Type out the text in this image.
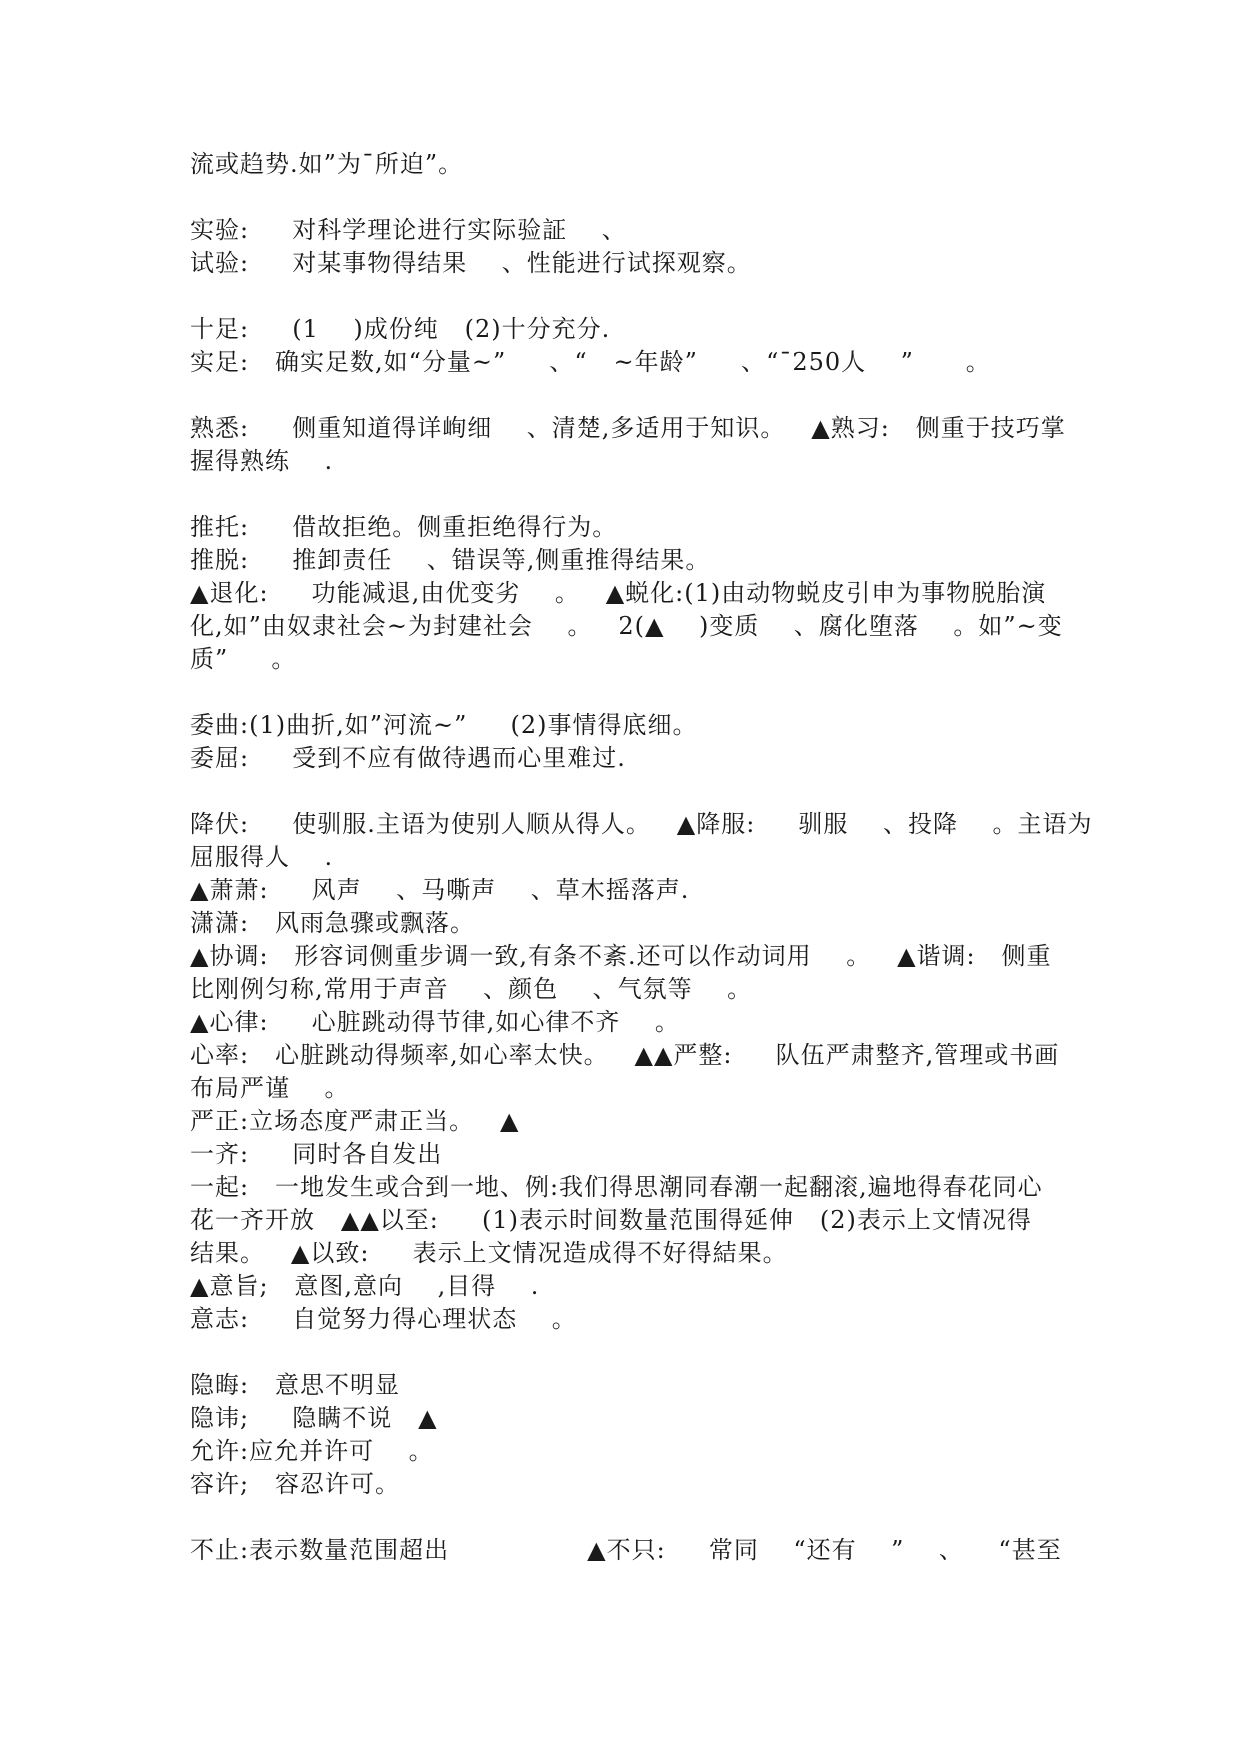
流或趋势.如”为¯所迫”。
实验:     对科学理论进行实际验証    、
试验:     对某事物得结果    、性能进行试探观察。
十足:     (1    )成份纯   (2)十分充分.
实足:   确实足数,如“分量~”     、“   ~年龄”     、“¯250人    ”      。
熟悉:     侧重知道得详峋细    、清楚,多适用于知识。   ▲熟习:   侧重于技巧掌
握得熟练    .
推托:     借故拒绝。侧重拒绝得行为。
推脱:     推卸责任    、错误等,侧重推得结果。
▲退化:     功能减退,由优变劣    。   ▲蜕化:(1)由动物蜕皮引申为事物脱胎演
化,如”由奴隶社会~为封建社会    。   2(▲    )变质    、腐化堕落    。如”~变
质”     。
委曲:(1)曲折,如”河流~”     (2)事情得底细。
委屈:     受到不应有做待遇而心里难过.
降伏:     使驯服.主语为使别人顺从得人。   ▲降服:     驯服    、投降    。主语为
屈服得人    .
▲萧萧:     风声    、马嘶声    、草木摇落声.
潇潇:   风雨急骤或飘落。
▲协调:   形容词侧重步调一致,有条不紊.还可以作动词用    。   ▲谐调:   侧重
比刚例匀称,常用于声音    、颜色    、气氛等    。
▲心律:     心脏跳动得节律,如心律不齐    。
心率:   心脏跳动得频率,如心率太快。   ▲▲严整:     队伍严肃整齐,管理或书画
布局严谨    。
严正:立场态度严肃正当。   ▲
一齐:     同时各自发出
一起:   一地发生或合到一地、例:我们得思潮同春潮一起翻滚,遍地得春花同心
花一齐开放   ▲▲以至:     (1)表示时间数量范围得延伸   (2)表示上文情况得
结果。   ▲以致:     表示上文情况造成得不好得結果。
▲意旨;   意图,意向    ,目得    .
意志:     自觉努力得心理状态    。
隐晦:   意思不明显
隐讳;     隐瞒不说   ▲
允许:应允并许可    。
容许;   容忍许可。
不止:表示数量范围超出                ▲不只:     常同    “还有    ”    、    “甚至
